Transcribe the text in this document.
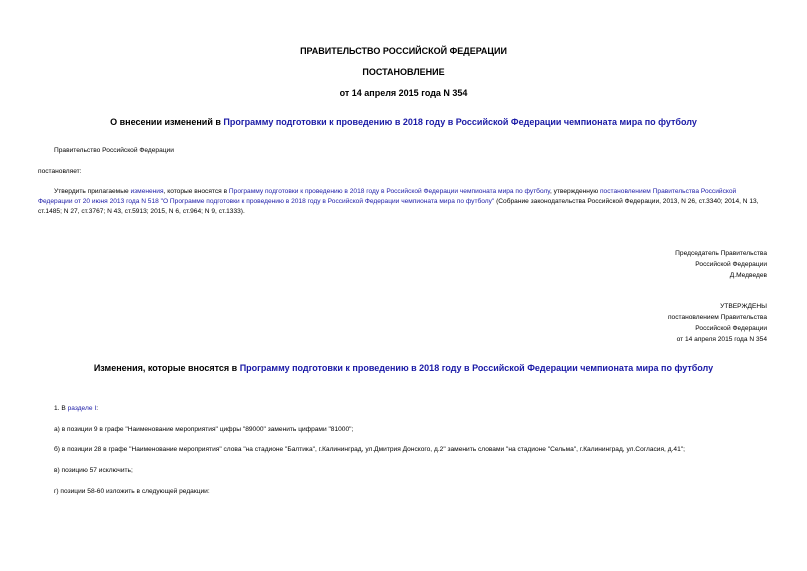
ПРАВИТЕЛЬСТВО РОССИЙСКОЙ ФЕДЕРАЦИИ
ПОСТАНОВЛЕНИЕ
от 14 апреля 2015 года N 354
О внесении изменений в Программу подготовки к проведению в 2018 году в Российской Федерации чемпионата мира по футболу
Правительство Российской Федерации
постановляет:
Утвердить прилагаемые изменения, которые вносятся в Программу подготовки к проведению в 2018 году в Российской Федерации чемпионата мира по футболу, утвержденную постановлением Правительства Российской Федерации от 20 июня 2013 года N 518 "О Программе подготовки к проведению в 2018 году в Российской Федерации чемпионата мира по футболу" (Собрание законодательства Российской Федерации, 2013, N 26, ст.3340; 2014, N 13, ст.1485; N 27, ст.3767; N 43, ст.5913; 2015, N 6, ст.964; N 9, ст.1333).
Председатель Правительства
Российской Федерации
Д.Медведев
УТВЕРЖДЕНЫ
постановлением Правительства
Российской Федерации
от 14 апреля 2015 года N 354
Изменения, которые вносятся в Программу подготовки к проведению в 2018 году в Российской Федерации чемпионата мира по футболу
1. В разделе I:
а) в позиции 9 в графе "Наименование мероприятия" цифры "89000" заменить цифрами "81000";
б) в позиции 28 в графе "Наименование мероприятия" слова "на стадионе "Балтика", г.Калининград, ул.Дмитрия Донского, д.2" заменить словами "на стадионе "Сельма", г.Калининград, ул.Согласия, д.41";
в) позицию 57 исключить;
г) позиции 58-60 изложить в следующей редакции:
